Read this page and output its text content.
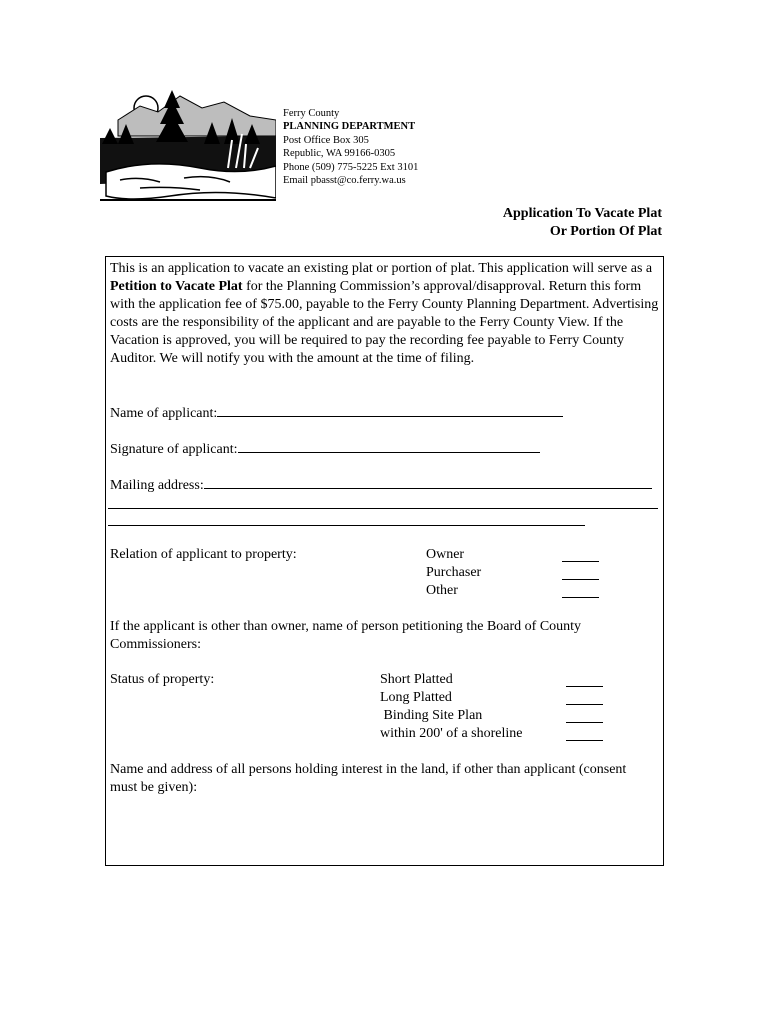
Ferry County
PLANNING DEPARTMENT
Post Office Box 305
Republic, WA 99166-0305
Phone (509) 775-5225 Ext 3101
Email pbasst@co.ferry.wa.us
Application To Vacate Plat
Or Portion Of Plat
This is an application to vacate an existing plat or portion of plat. This application will serve as a Petition to Vacate Plat for the Planning Commission’s approval/disapproval. Return this form with the application fee of $75.00, payable to the Ferry County Planning Department. Advertising costs are the responsibility of the applicant and are payable to the Ferry County View. If the Vacation is approved, you will be required to pay the recording fee payable to Ferry County Auditor. We will notify you with the amount at the time of filing.
Name of applicant:
Signature of applicant:
Mailing address:
Relation of applicant to property:	Owner
Purchaser
Other
If the applicant is other than owner, name of person petitioning the Board of County Commissioners:
Status of property:	Short Platted
Long Platted
Binding Site Plan
within 200' of a shoreline
Name and address of all persons holding interest in the land, if other than applicant (consent must be given):
